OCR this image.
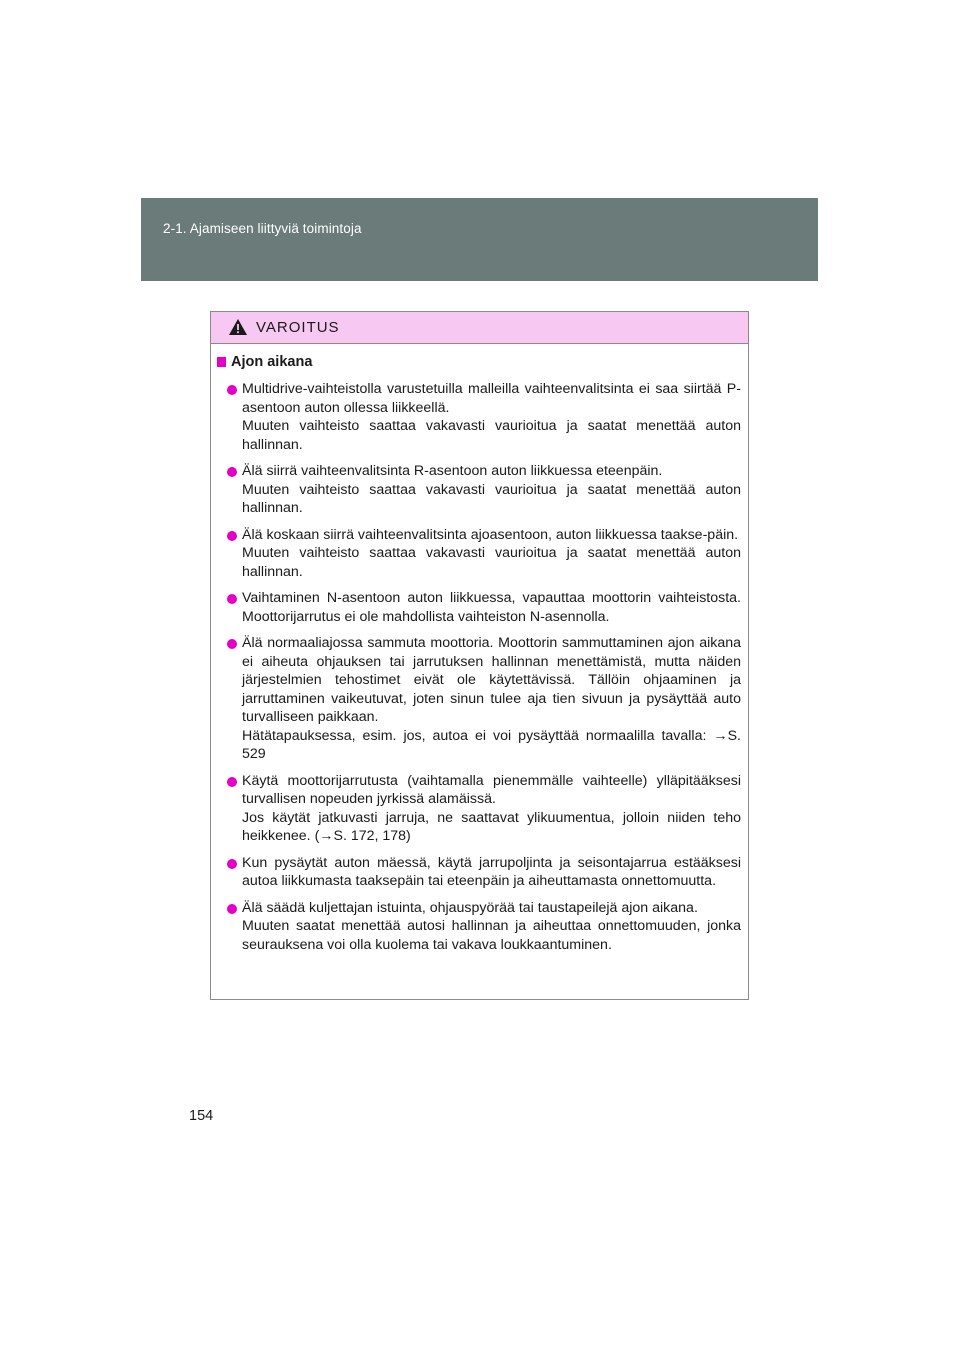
2-1. Ajamiseen liittyviä toimintoja
VAROITUS
Ajon aikana
Multidrive-vaihteistolla varustetuilla malleilla vaihteenvalitsinta ei saa siirtää P-asentoon auton ollessa liikkeellä.
Muuten vaihteisto saattaa vakavasti vaurioitua ja saatat menettää auton hallinnan.
Älä siirrä vaihteenvalitsinta R-asentoon auton liikkuessa eteenpäin.
Muuten vaihteisto saattaa vakavasti vaurioitua ja saatat menettää auton hallinnan.
Älä koskaan siirrä vaihteenvalitsinta ajoasentoon, auton liikkuessa taakse-päin.
Muuten vaihteisto saattaa vakavasti vaurioitua ja saatat menettää auton hallinnan.
Vaihtaminen N-asentoon auton liikkuessa, vapauttaa moottorin vaihteistosta. Moottorijarrutus ei ole mahdollista vaihteiston N-asennolla.
Älä normaaliajossa sammuta moottoria. Moottorin sammuttaminen ajon aikana ei aiheuta ohjauksen tai jarrutuksen hallinnan menettämistä, mutta näiden järjestelmien tehostimet eivät ole käytettävissä. Tällöin ohjaaminen ja jarruttaminen vaikeutuvat, joten sinun tulee aja tien sivuun ja pysäyttää auto turvalliseen paikkaan.
Hätätapauksessa, esim. jos, autoa ei voi pysäyttää normaalilla tavalla: →S. 529
Käytä moottorijarrutusta (vaihtamalla pienemmälle vaihteelle) ylläpitääksesi turvallisen nopeuden jyrkissä alamäissä.
Jos käytät jatkuvasti jarruja, ne saattavat ylikuumentua, jolloin niiden teho heikkenee. (→S. 172, 178)
Kun pysäytät auton mäessä, käytä jarrupoljinta ja seisontajarrua estääksesi autoa liikkumasta taaksepäin tai eteenpäin ja aiheuttamasta onnettomuutta.
Älä säädä kuljettajan istuinta, ohjauspyörää tai taustapeilejä ajon aikana.
Muuten saatat menettää autosi hallinnan ja aiheuttaa onnettomuuden, jonka seurauksena voi olla kuolema tai vakava loukkaantuminen.
154
